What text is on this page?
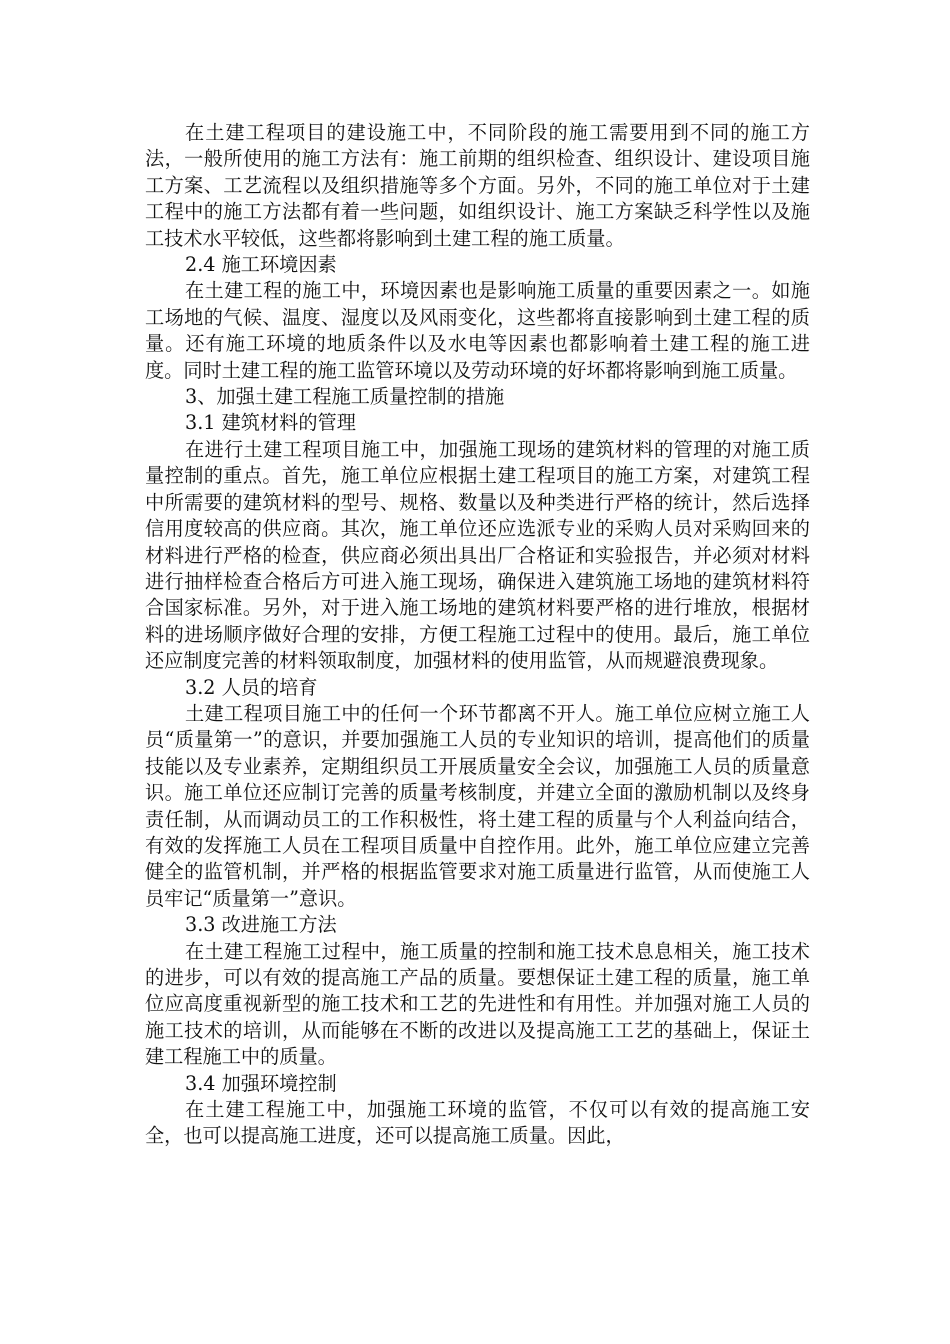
在土建工程项目的建设施工中，不同阶段的施工需要用到不同的施工方法，一般所使用的施工方法有：施工前期的组织检查、组织设计、建设项目施工方案、工艺流程以及组织措施等多个方面。另外，不同的施工单位对于土建工程中的施工方法都有着一些问题，如组织设计、施工方案缺乏科学性以及施工技术水平较低，这些都将影响到土建工程的施工质量。

2.4 施工环境因素

在土建工程的施工中，环境因素也是影响施工质量的重要因素之一。如施工场地的气候、温度、湿度以及风雨变化，这些都将直接影响到土建工程的质量。还有施工环境的地质条件以及水电等因素也都影响着土建工程的施工进度。同时土建工程的施工监管环境以及劳动环境的好坏都将影响到施工质量。

3、加强土建工程施工质量控制的措施

3.1 建筑材料的管理

在进行土建工程项目施工中，加强施工现场的建筑材料的管理的对施工质量控制的重点。首先，施工单位应根据土建工程项目的施工方案，对建筑工程中所需要的建筑材料的型号、规格、数量以及种类进行严格的统计，然后选择信用度较高的供应商。其次，施工单位还应选派专业的采购人员对采购回来的材料进行严格的检查，供应商必须出具出厂合格证和实验报告，并必须对材料进行抽样检查合格后方可进入施工现场，确保进入建筑施工场地的建筑材料符合国家标准。另外，对于进入施工场地的建筑材料要严格的进行堆放，根据材料的进场顺序做好合理的安排，方便工程施工过程中的使用。最后，施工单位还应制度完善的材料领取制度，加强材料的使用监管，从而规避浪费现象。

3.2 人员的培育

土建工程项目施工中的任何一个环节都离不开人。施工单位应树立施工人员“质量第一”的意识，并要加强施工人员的专业知识的培训，提高他们的质量技能以及专业素养，定期组织员工开展质量安全会议，加强施工人员的质量意识。施工单位还应制订完善的质量考核制度，并建立全面的激励机制以及终身责任制，从而调动员工的工作积极性，将土建工程的质量与个人利益向结合，有效的发挥施工人员在工程项目质量中自控作用。此外，施工单位应建立完善健全的监管机制，并严格的根据监管要求对施工质量进行监管，从而使施工人员牢记“质量第一”意识。

3.3 改进施工方法

在土建工程施工过程中，施工质量的控制和施工技术息息相关，施工技术的进步，可以有效的提高施工产品的质量。要想保证土建工程的质量，施工单位应高度重视新型的施工技术和工艺的先进性和有用性。并加强对施工人员的施工技术的培训，从而能够在不断的改进以及提高施工工艺的基础上，保证土建工程施工中的质量。

3.4 加强环境控制

在土建工程施工中，加强施工环境的监管，不仅可以有效的提高施工安全，也可以提高施工进度，还可以提高施工质量。因此，
